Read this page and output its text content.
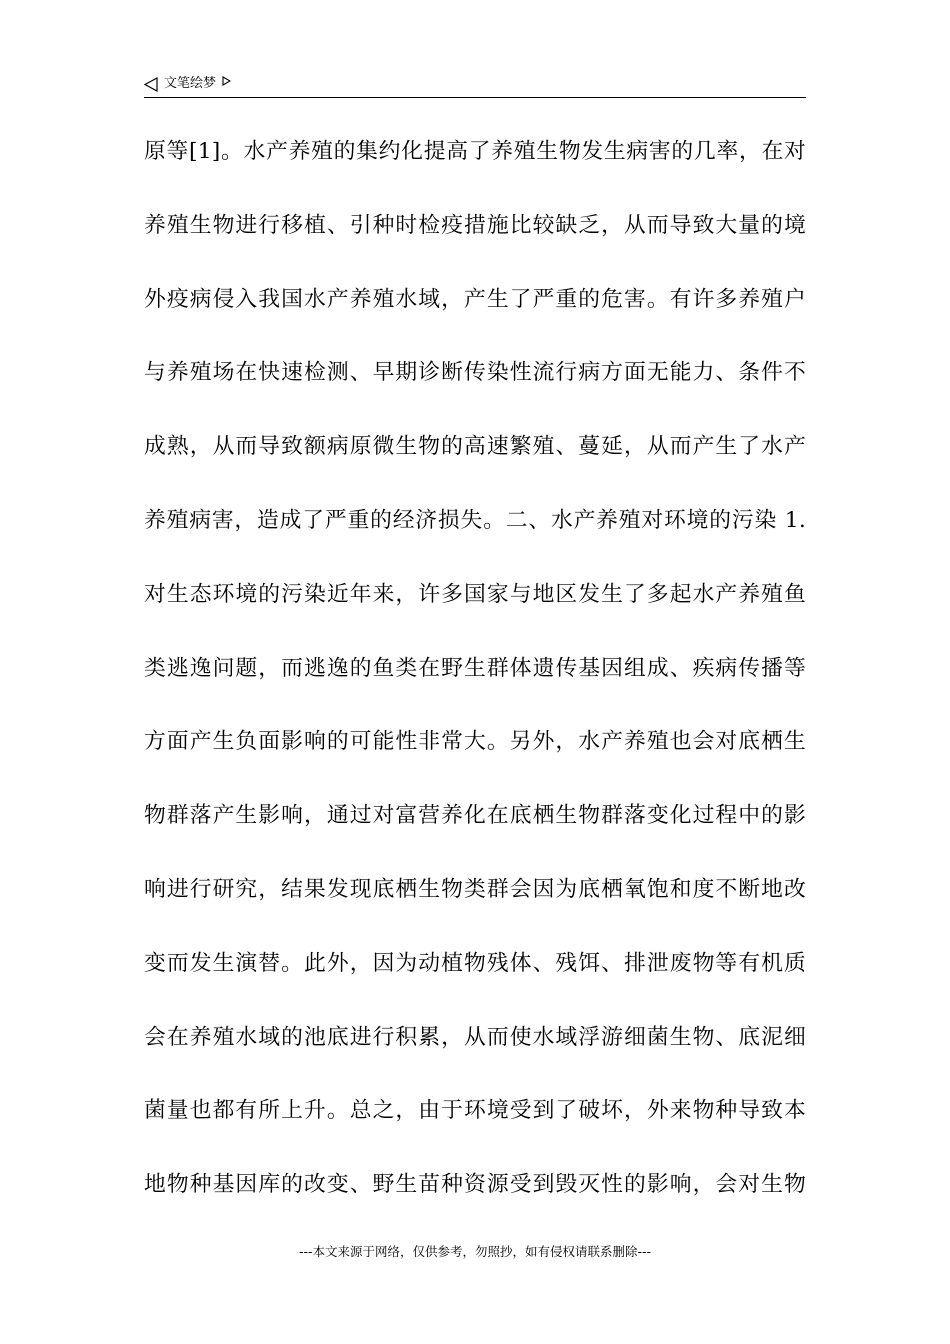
文笔绘梦
原等[1]。水产养殖的集约化提高了养殖生物发生病害的几率，在对
养殖生物进行移植、引种时检疫措施比较缺乏，从而导致大量的境
外疫病侵入我国水产养殖水域，产生了严重的危害。有许多养殖户
与养殖场在快速检测、早期诊断传染性流行病方面无能力、条件不
成熟，从而导致额病原微生物的高速繁殖、蔓延，从而产生了水产
养殖病害，造成了严重的经济损失。二、水产养殖对环境的污染 1.
对生态环境的污染近年来，许多国家与地区发生了多起水产养殖鱼
类逃逸问题，而逃逸的鱼类在野生群体遗传基因组成、疾病传播等
方面产生负面影响的可能性非常大。另外，水产养殖也会对底栖生
物群落产生影响，通过对富营养化在底栖生物群落变化过程中的影
响进行研究，结果发现底栖生物类群会因为底栖氧饱和度不断地改
变而发生演替。此外，因为动植物残体、残饵、排泄废物等有机质
会在养殖水域的池底进行积累，从而使水域浮游细菌生物、底泥细
菌量也都有所上升。总之，由于环境受到了破坏，外来物种导致本
地物种基因库的改变、野生苗种资源受到毁灭性的影响，会对生物
---本文来源于网络，仅供参考，勿照抄，如有侵权请联系删除---
